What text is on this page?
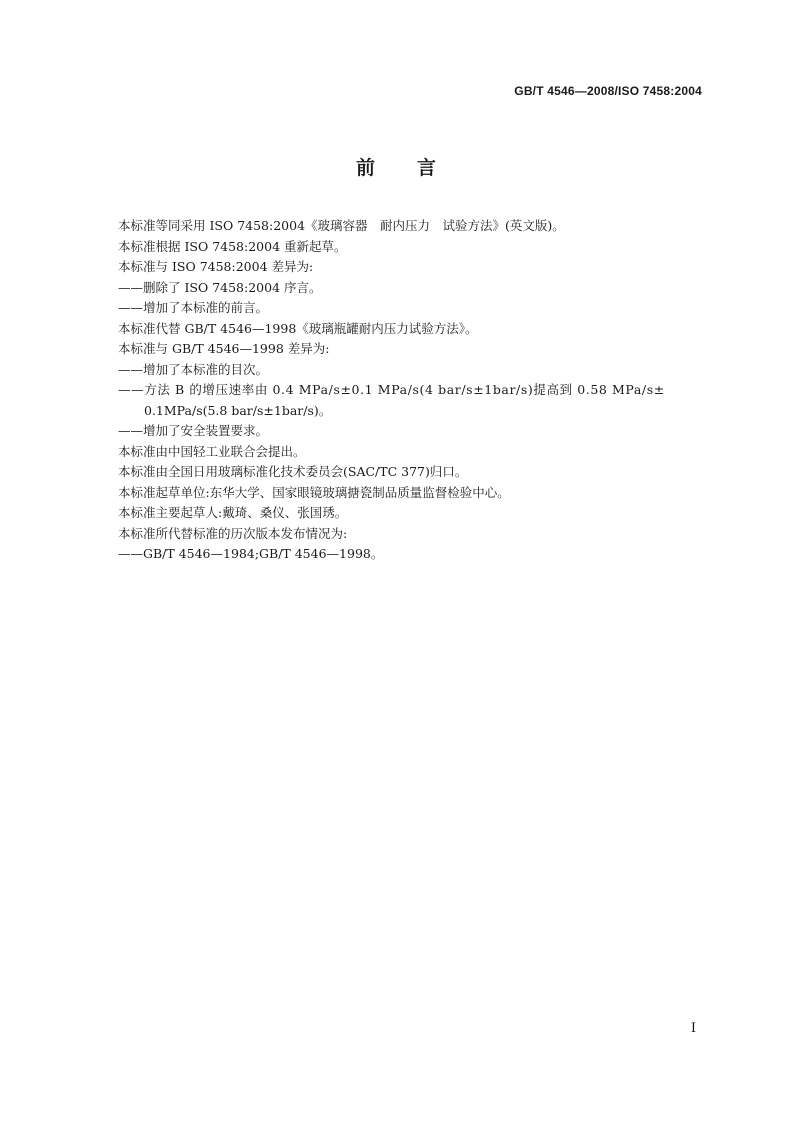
GB/T 4546—2008/ISO 7458:2004
前 言
本标准等同采用 ISO 7458:2004《玻璃容器　耐内压力　试验方法》(英文版)。
本标准根据 ISO 7458:2004 重新起草。
本标准与 ISO 7458:2004 差异为:
——删除了 ISO 7458:2004 序言。
——增加了本标准的前言。
本标准代替 GB/T 4546—1998《玻璃瓶罐耐内压力试验方法》。
本标准与 GB/T 4546—1998 差异为:
——增加了本标准的目次。
——方法 B 的增压速率由 0.4 MPa/s±0.1 MPa/s(4 bar/s±1bar/s)提高到 0.58 MPa/s±
0.1MPa/s(5.8 bar/s±1bar/s)。
——增加了安全装置要求。
本标准由中国轻工业联合会提出。
本标准由全国日用玻璃标准化技术委员会(SAC/TC 377)归口。
本标准起草单位:东华大学、国家眼镜玻璃搪瓷制品质量监督检验中心。
本标准主要起草人:戴琦、桑仪、张国琇。
本标准所代替标准的历次版本发布情况为:
——GB/T 4546—1984;GB/T 4546—1998。
I
